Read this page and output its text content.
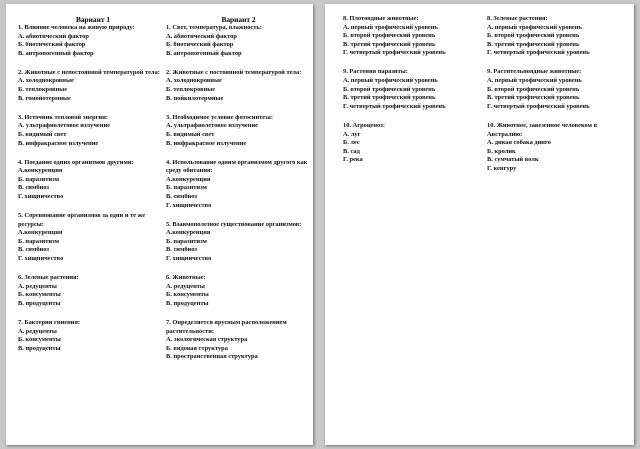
Вариант 1
1. Влияние человека на живую природу:
А. абиотический фактор
Б. биотический фактор
В. антропогенный фактор
2. Животные с непостоянной температурой тела:
А. холоднокровные
Б. теплокровные
В. гомойотермные
3. Источник тепловой энергии:
А. ультрафиолетовое излучение
Б. видимый свет
В. инфракрасное излучение
4. Поедание одних организмов другими:
А.конкуренция
Б. паразитизм
В. симбиоз
Г. хищничество
5. Соревнование организмов за одни и те же ресурсы:
А.конкуренция
Б. паразитизм
В. симбиоз
Г. хищничество
6. Зеленые растения:
А. редуценты
Б. консументы
В. продуценты
7. Бактерии гниения:
А. редуценты
Б. консументы
В. продуценты
Вариант 2
1. Свет, температура, влажность:
А. абиотический фактор
Б. биотический фактор
В. антропогенный фактор
2. Животные с постоянной температурой тела:
А. холоднокровные
Б. теплокровные
В. пойкилотермные
3. Необходимое условие фотосинтеза:
А. ультрафиолетовое излучение
Б. видимый свет
В. инфракрасное излучение
4. Использование одним организмом другого как среду обитания:
А.конкуренция
Б. паразитизм
В. симбиоз
Г. хищничество
5. Взаимополезное существование организмов:
А.конкуренция
Б. паразитизм
В. симбиоз
Г. хищничество
6. Животные:
А. редуценты
Б. консументы
В. продуценты
7. Определяется ярусным расположением растительности:
А. экологическая структура
Б. видовая структура
В. пространственная структура
8. Плотоядные животные:
А. первый трофический уровень
Б. второй трофический уровень
В. третий трофический уровень
Г. четвертый трофический уровень
9. Растения паразиты:
А. первый трофический уровень
Б. второй трофический уровень
В. третий трофический уровень
Г. четвертый трофический уровень
10. Агроценоз:
А. луг
Б. лес
В. сад
Г. река
8. Зеленые растения:
А. первый трофический уровень
Б. второй трофический уровень
В. третий трофический уровень
Г. четвертый трофический уровень
9. Растительноядные животные:
А. первый трофический уровень
Б. второй трофический уровень
В. третий трофический уровень
Г. четвертый трофический уровень
10. Животное, завезенное человеком в Австралию:
А. дикая собака динго
Б. кролик
В. сумчатый волк
Г. кенгуру
